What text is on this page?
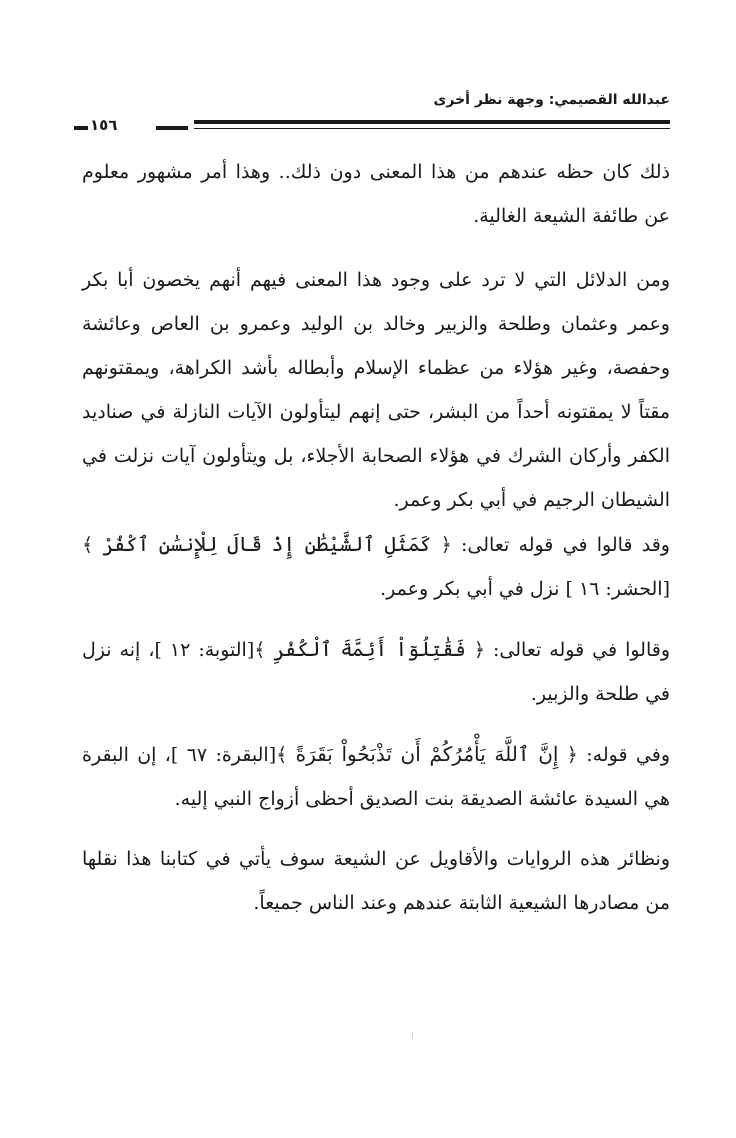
عبدالله القصيمي: وجهة نظر أخرى
١٥٦

ذلك كان حظه عندهم من هذا المعنى دون ذلك.. وهذا أمر مشهور معلوم عن طائفة الشيعة الغالية.

ومن الدلائل التي لا ترد على وجود هذا المعنى فيهم أنهم يخصون أبا بكر وعمر وعثمان وطلحة والزبير وخالد بن الوليد وعمرو بن العاص وعائشة وحفصة، وغير هؤلاء من عظماء الإسلام وأبطاله بأشد الكراهة، ويمقتونهم مقتاً لا يمقتونه أحداً من البشر، حتى إنهم ليتأولون الآيات النازلة في صناديد الكفر وأركان الشرك في هؤلاء الصحابة الأجلاء، بل ويتأولون آيات نزلت في الشيطان الرجيم في أبي بكر وعمر.

وقد قالوا في قوله تعالى: ﴿ كَمَثَلِ ٱلشَّيْطَٰنِ إِذْ قَالَ لِلْإِنسَٰنِ ٱكْفُرْ ﴾ [الحشر: ١٦ ] نزل في أبي بكر وعمر.

وقالوا في قوله تعالى: ﴿ فَقَٰتِلُوٓاْ أَئِمَّةَ ٱلْكُفْرِ ﴾[التوبة: ١٢ ]، إنه نزل في طلحة والزبير.

وفي قوله: ﴿ إِنَّ ٱللَّهَ يَأْمُرُكُمْ أَن تَذْبَحُواْ بَقَرَةً ﴾[البقرة: ٦٧ ]، إن البقرة هي السيدة عائشة الصديقة بنت الصديق أحظى أزواج النبي إليه.

ونظائر هذه الروايات والأقاويل عن الشيعة سوف يأتي في كتابنا هذا نقلها من مصادرها الشيعية الثابتة عندهم وعند الناس جميعاً.
